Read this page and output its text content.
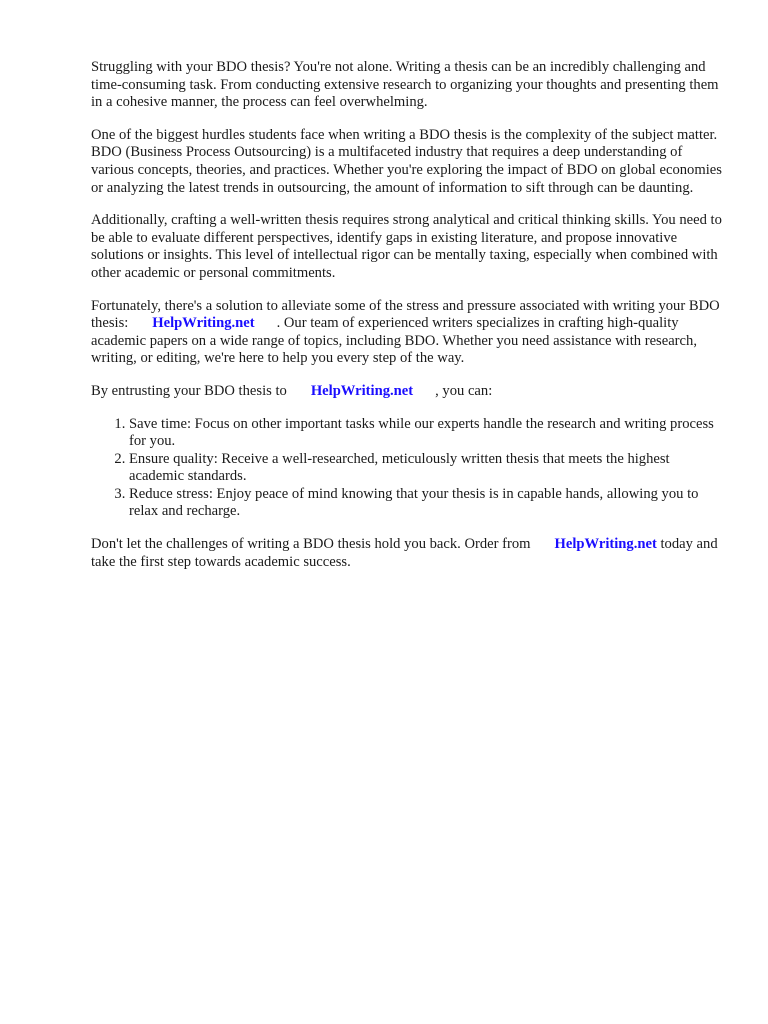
Struggling with your BDO thesis? You're not alone. Writing a thesis can be an incredibly challenging and time-consuming task. From conducting extensive research to organizing your thoughts and presenting them in a cohesive manner, the process can feel overwhelming.

One of the biggest hurdles students face when writing a BDO thesis is the complexity of the subject matter. BDO (Business Process Outsourcing) is a multifaceted industry that requires a deep understanding of various concepts, theories, and practices. Whether you're exploring the impact of BDO on global economies or analyzing the latest trends in outsourcing, the amount of information to sift through can be daunting.

Additionally, crafting a well-written thesis requires strong analytical and critical thinking skills. You need to be able to evaluate different perspectives, identify gaps in existing literature, and propose innovative solutions or insights. This level of intellectual rigor can be mentally taxing, especially when combined with other academic or personal commitments.

Fortunately, there's a solution to alleviate some of the stress and pressure associated with writing your BDO thesis: HelpWriting.net . Our team of experienced writers specializes in crafting high-quality academic papers on a wide range of topics, including BDO. Whether you need assistance with research, writing, or editing, we're here to help you every step of the way.

By entrusting your BDO thesis to HelpWriting.net , you can:

1. Save time: Focus on other important tasks while our experts handle the research and writing process for you.
2. Ensure quality: Receive a well-researched, meticulously written thesis that meets the highest academic standards.
3. Reduce stress: Enjoy peace of mind knowing that your thesis is in capable hands, allowing you to relax and recharge.

Don't let the challenges of writing a BDO thesis hold you back. Order from HelpWriting.net today and take the first step towards academic success.
